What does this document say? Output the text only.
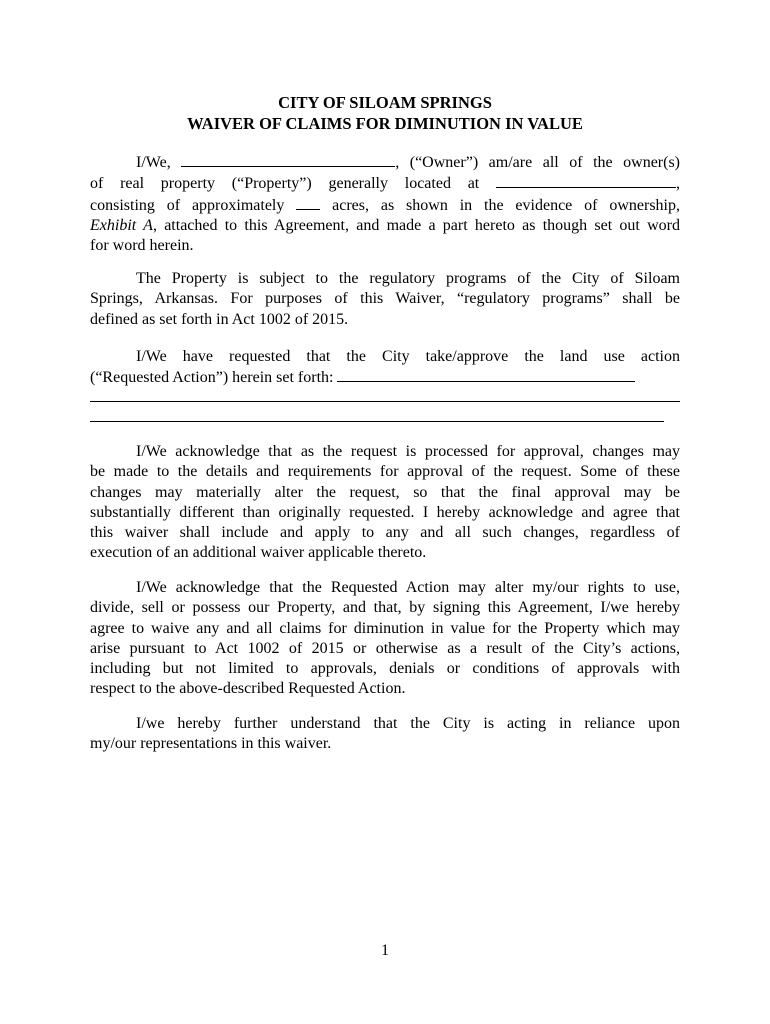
CITY OF SILOAM SPRINGS
WAIVER OF CLAIMS FOR DIMINUTION IN VALUE
I/We,	, (“Owner”) am/are all of the owner(s)
of real property (“Property”) generally located at	,
consisting of approximately	acres, as shown in the evidence of ownership,
Exhibit A, attached to this Agreement, and made a part hereto as though set out word
for word herein.
The Property is subject to the regulatory programs of the City of Siloam
Springs, Arkansas. For purposes of this Waiver, “regulatory programs” shall be
defined as set forth in Act 1002 of 2015.
I/We have requested that the City take/approve the land use action
(“Requested Action”) herein set forth:
I/We acknowledge that as the request is processed for approval, changes may
be made to the details and requirements for approval of the request. Some of these
changes may materially alter the request, so that the final approval may be
substantially different than originally requested. I hereby acknowledge and agree that
this waiver shall include and apply to any and all such changes, regardless of
execution of an additional waiver applicable thereto.
I/We acknowledge that the Requested Action may alter my/our rights to use,
divide, sell or possess our Property, and that, by signing this Agreement, I/we hereby
agree to waive any and all claims for diminution in value for the Property which may
arise pursuant to Act 1002 of 2015 or otherwise as a result of the City’s actions,
including but not limited to approvals, denials or conditions of approvals with
respect to the above-described Requested Action.
I/we hereby further understand that the City is acting in reliance upon
my/our representations in this waiver.
1
